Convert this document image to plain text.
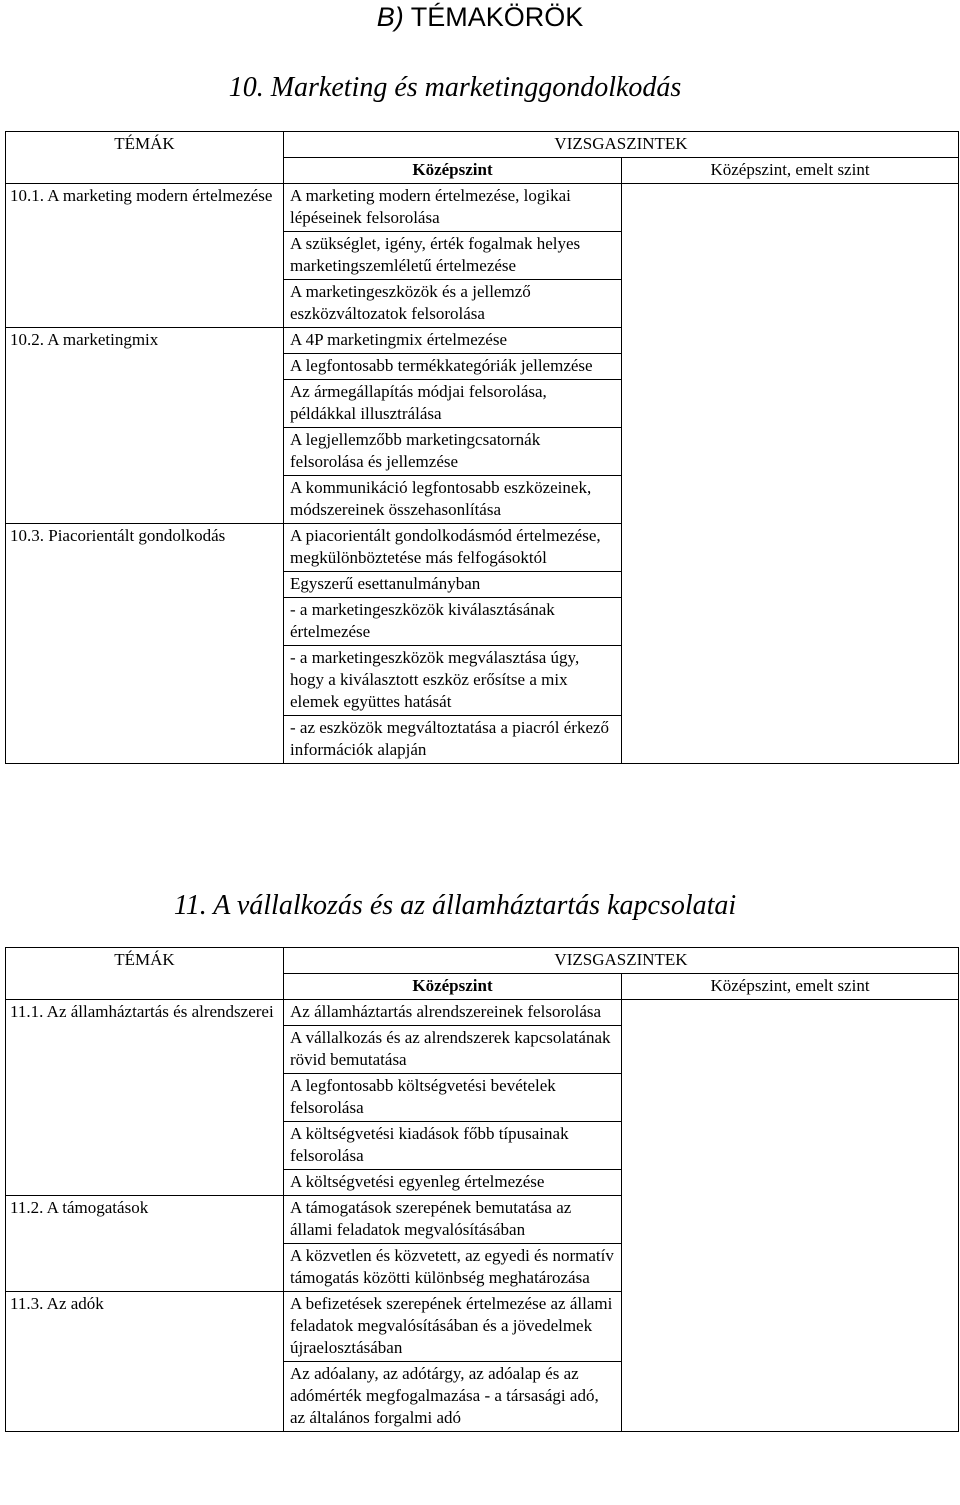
B) TÉMAKÖRÖK
10. Marketing és marketinggondolkodás
TÉMÁK	VIZSGASZINTEK	
	Középszint	Középszint, emelt szint
10.1. A marketing modern értelmezése	A marketing modern értelmezése, logikai lépéseinek felsorolása	
	A szükséglet, igény, érték fogalmak helyes marketingszemléletű értelmezése	
	A marketingeszközök és a jellemző eszközváltozatok felsorolása	
10.2. A marketingmix	A 4P marketingmix értelmezése	
	A legfontosabb termékkategóriák jellemzése	
	Az ármegállapítás módjai felsorolása, példákkal illusztrálása	
	A legjellemzőbb marketingcsatornák felsorolása és jellemzése	
	A kommunikáció legfontosabb eszközeinek, módszereinek összehasonlítása	
10.3. Piacorientált gondolkodás	A piacorientált gondolkodásmód értelmezése, megkülönböztetése más felfogásoktól	
	Egyszerű esettanulmányban	
	- a marketingeszközök kiválasztásának értelmezése	
	- a marketingeszközök megválasztása úgy, hogy a kiválasztott eszköz erősítse a mix elemek együttes hatását	
	- az eszközök megváltoztatása a piacról érkező információk alapján	
11. A vállalkozás és az államháztartás kapcsolatai
TÉMÁK	VIZSGASZINTEK	
	Középszint	Középszint, emelt szint
11.1. Az államháztartás és alrendszerei	Az államháztartás alrendszereinek felsorolása	
	A vállalkozás és az alrendszerek kapcsolatának rövid bemutatása	
	A legfontosabb költségvetési bevételek felsorolása	
	A költségvetési kiadások főbb típusainak felsorolása	
	A költségvetési egyenleg értelmezése	
11.2. A támogatások	A támogatások szerepének bemutatása az állami feladatok megvalósításában	
	A közvetlen és közvetett, az egyedi és normatív támogatás közötti különbség meghatározása	
11.3. Az adók	A befizetések szerepének értelmezése az állami feladatok megvalósításában és a jövedelmek újraelosztásában	
	Az adóalany, az adótárgy, az adóalap és az adómérték megfogalmazása - a társasági adó, az általános forgalmi adó	
